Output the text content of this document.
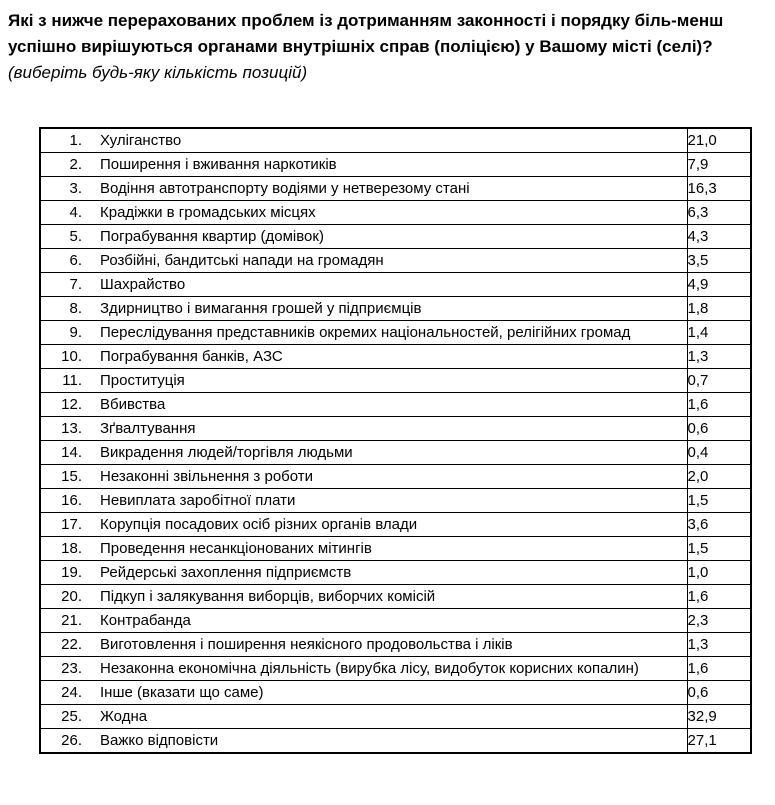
Які з нижче перерахованих проблем із дотриманням законності і порядку біль-менш успішно вирішуються органами внутрішніх справ (поліцією) у Вашому місті (селі)? (виберіть будь-яку кількість позицій)
1. Хуліганство	21,0

2. Поширення і вживання наркотиків	7,9

3. Водіння автотранспорту водіями у нетверезому стані	16,3

4. Крадіжки в громадських місцях	6,3

5. Пограбування квартир (домівок)	4,3

6. Розбійні, бандитські напади на громадян	3,5

7. Шахрайство	4,9

8. Здирництво і вимагання грошей у підприємців	1,8

9. Переслідування представників окремих національностей, релігійних громад	1,4

10. Пограбування банків, АЗС	1,3

11. Проституція	0,7

12. Вбивства	1,6

13. Зґвалтування	0,6

14. Викрадення людей/торгівля людьми	0,4

15. Незаконні звільнення з роботи	2,0

16. Невиплата заробітної плати	1,5

17. Корупція посадових осіб різних органів влади	3,6

18. Проведення несанкціонованих мітингів	1,5

19. Рейдерські захоплення підприємств	1,0

20. Підкуп і залякування виборців, виборчих комісій	1,6

21. Контрабанда	2,3

22. Виготовлення і поширення неякісного продовольства і ліків	1,3

23. Незаконна економічна діяльність (вирубка лісу, видобуток корисних копалин)	1,6

24. Інше (вказати що саме)	0,6

25. Жодна	32,9

26. Важко відповісти	27,1
